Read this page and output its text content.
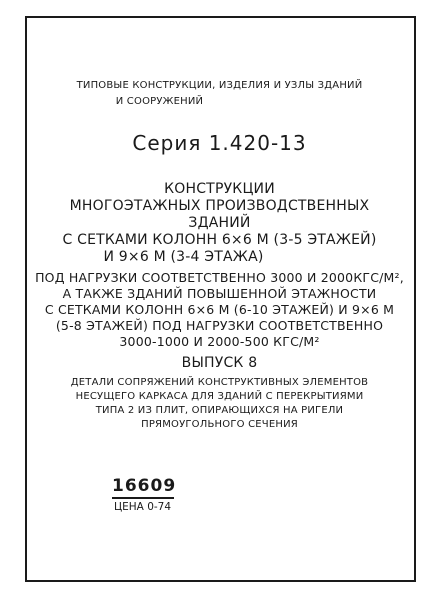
ТИПОВЫЕ КОНСТРУКЦИИ, ИЗДЕЛИЯ И УЗЛЫ ЗДАНИЙ
И СООРУЖЕНИЙ
Серия 1.420-13
КОНСТРУКЦИИ
МНОГОЭТАЖНЫХ ПРОИЗВОДСТВЕННЫХ
ЗДАНИЙ
С СЕТКАМИ КОЛОНН 6×6 М (3-5 ЭТАЖЕЙ)
И 9×6 М (3-4 ЭТАЖА)
ПОД НАГРУЗКИ СООТВЕТСТВЕННО 3000 И 2000КГС/М²,
А ТАКЖЕ ЗДАНИЙ ПОВЫШЕННОЙ ЭТАЖНОСТИ
С СЕТКАМИ КОЛОНН 6×6 М (6-10 ЭТАЖЕЙ) И 9×6 М
(5-8 ЭТАЖЕЙ) ПОД НАГРУЗКИ СООТВЕТСТВЕННО
3000-1000 И 2000-500 КГС/М²
ВЫПУСК 8
ДЕТАЛИ СОПРЯЖЕНИЙ КОНСТРУКТИВНЫХ ЭЛЕМЕНТОВ
НЕСУЩЕГО КАРКАСА ДЛЯ ЗДАНИЙ С ПЕРЕКРЫТИЯМИ
ТИПА 2 ИЗ ПЛИТ, ОПИРАЮЩИХСЯ НА РИГЕЛИ
ПРЯМОУГОЛЬНОГО СЕЧЕНИЯ
16609
ЦЕНА 0-74
